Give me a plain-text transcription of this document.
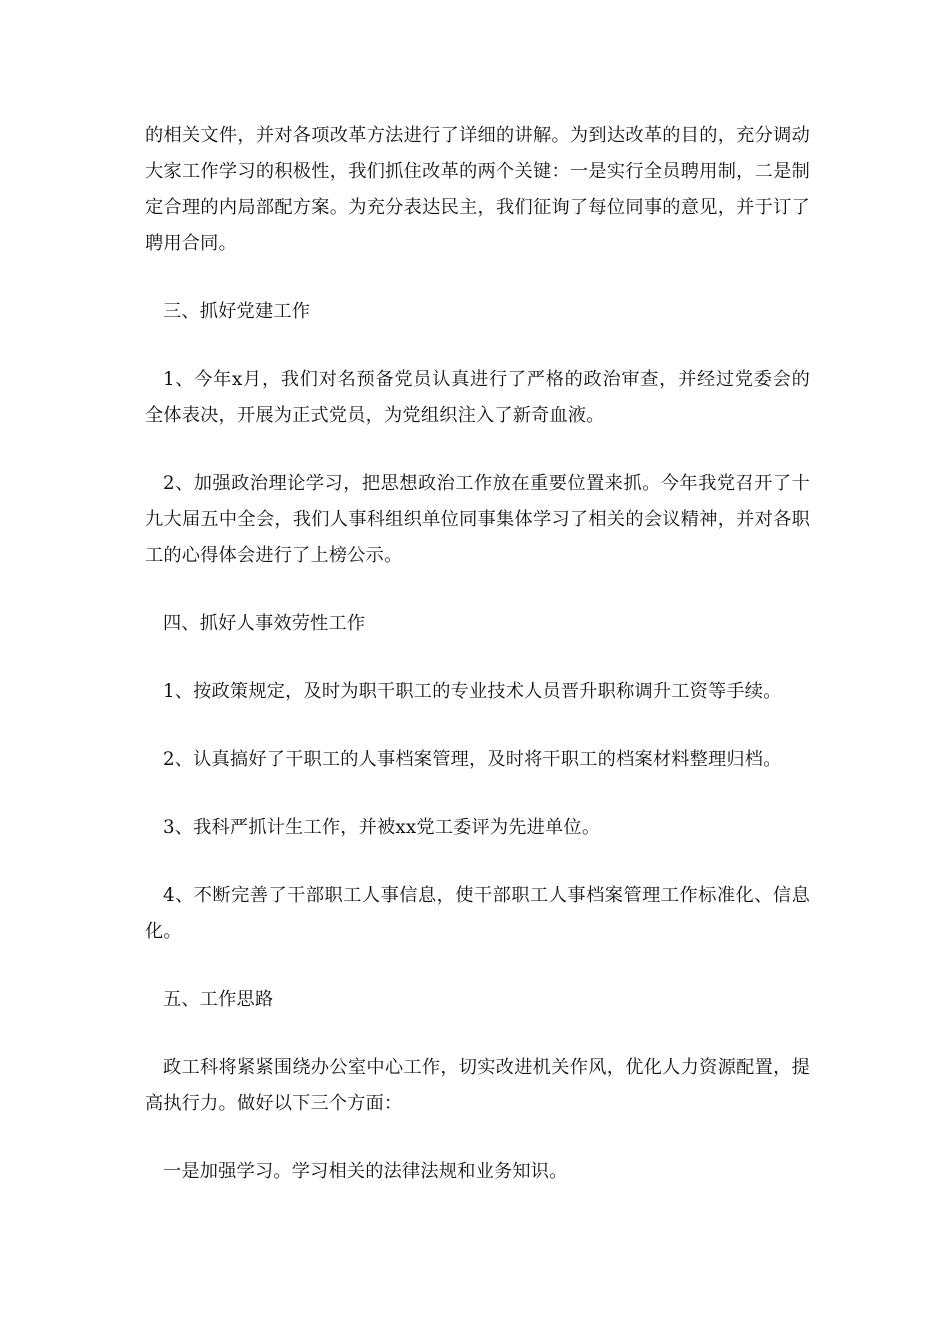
的相关文件，并对各项改革方法进行了详细的讲解。为到达改革的目的，充分调动大家工作学习的积极性，我们抓住改革的两个关键：一是实行全员聘用制，二是制定合理的内局部配方案。为充分表达民主，我们征询了每位同事的意见，并于订了聘用合同。

三、抓好党建工作

1、今年x月，我们对名预备党员认真进行了严格的政治审查，并经过党委会的全体表决，开展为正式党员，为党组织注入了新奇血液。

2、加强政治理论学习，把思想政治工作放在重要位置来抓。今年我党召开了十九大届五中全会，我们人事科组织单位同事集体学习了相关的会议精神，并对各职工的心得体会进行了上榜公示。

四、抓好人事效劳性工作

1、按政策规定，及时为职干职工的专业技术人员晋升职称调升工资等手续。

2、认真搞好了干职工的人事档案管理，及时将干职工的档案材料整理归档。

3、我科严抓计生工作，并被xx党工委评为先进单位。

4、不断完善了干部职工人事信息，使干部职工人事档案管理工作标准化、信息化。

五、工作思路

政工科将紧紧围绕办公室中心工作，切实改进机关作风，优化人力资源配置，提高执行力。做好以下三个方面：

一是加强学习。学习相关的法律法规和业务知识。
